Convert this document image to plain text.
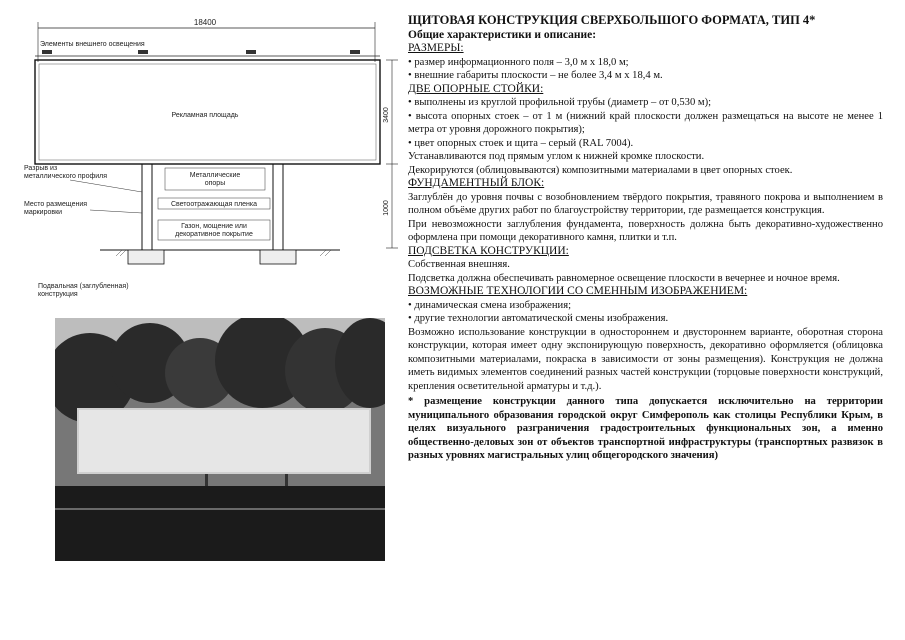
18400
Элементы внешнего освещения
Рекламная площадь	3400
1000
Разрыв из металлического профиля
Место размещения маркировки
Металлические опоры
Светоотражающая пленка
Газон, мощение или декоративное покрытие
Подвальная (заглубленная) конструкция
ЩИТОВАЯ КОНСТРУКЦИЯ СВЕРХБОЛЬШОГО ФОРМАТА, ТИП 4*
Общие характеристики и описание:
РАЗМЕРЫ:
• размер информационного поля – 3,0 м х 18,0 м;
• внешние габариты плоскости – не более 3,4 м х 18,4 м.
ДВЕ ОПОРНЫЕ СТОЙКИ:
• выполнены из круглой профильной трубы (диаметр – от 0,530 м);
• высота опорных стоек – от 1 м (нижний край плоскости должен размещаться на высоте не менее 1 метра от уровня дорожного покрытия);
• цвет опорных стоек и щита – серый (RAL 7004).
Устанавливаются под прямым углом к нижней кромке плоскости.
Декорируются (облицовываются) композитными материалами в цвет опорных стоек.
ФУНДАМЕНТНЫЙ БЛОК:
Заглублён до уровня почвы с возобновлением твёрдого покрытия, травяного покрова и выполнением в полном объёме других работ по благоустройству территории, где размещается конструкция.
При невозможности заглубления фундамента, поверхность должна быть декоративно-художественно оформлена при помощи декоративного камня, плитки и т.п.
ПОДСВЕТКА КОНСТРУКЦИИ:
Собственная внешняя.
Подсветка должна обеспечивать равномерное освещение плоскости в вечернее и ночное время.
ВОЗМОЖНЫЕ ТЕХНОЛОГИИ СО СМЕННЫМ ИЗОБРАЖЕНИЕМ:
• динамическая смена изображения;
• другие технологии автоматической смены изображения.
Возможно использование конструкции в одностороннем и двустороннем варианте, оборотная сторона конструкции, которая имеет одну экспонирующую поверхность, декоративно оформляется (облицовка композитными материалами, покраска в зависимости от зоны размещения). Конструкция не должна иметь видимых элементов соединений разных частей конструкции (торцовые поверхности конструкций, крепления осветительной арматуры и т.д.).
* размещение конструкции данного типа допускается исключительно на территории муниципального образования городской округ Симферополь как столицы Республики Крым, в целях визуального разграничения градостроительных функциональных зон, а именно общественно-деловых зон от объектов транспортной инфраструктуры (транспортных развязок в разных уровнях магистральных улиц общегородского значения)
